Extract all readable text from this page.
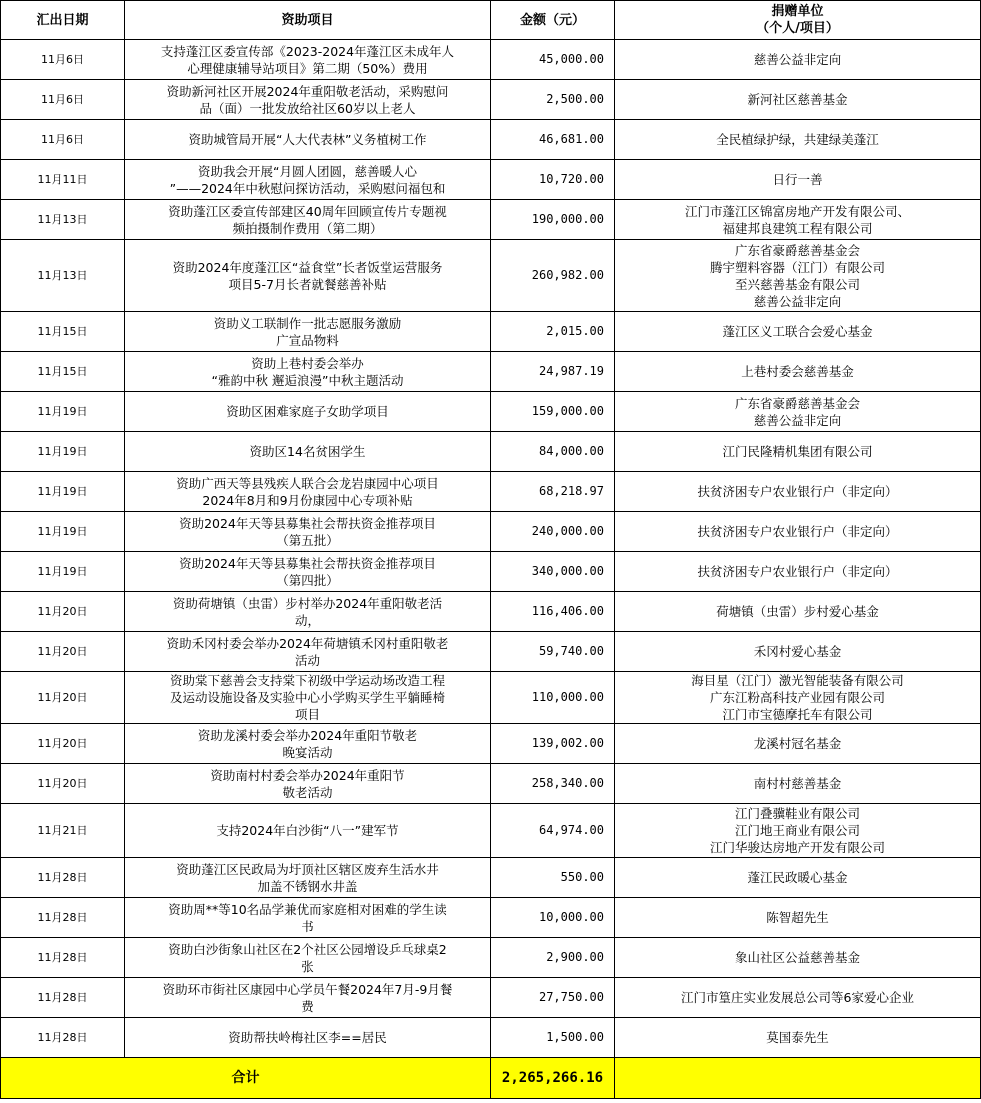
汇出日期	资助项目	金额（元）	捐赠单位
（个人/项目）

11月6日	支持蓬江区委宣传部《2023-2024年蓬江区未成年人
心理健康辅导站项目》第二期（50%）费用	45,000.00	慈善公益非定向

11月6日	资助新河社区开展2024年重阳敬老活动，采购慰问
品（面）一批发放给社区60岁以上老人	2,500.00	新河社区慈善基金

11月6日	资助城管局开展“人大代表林”义务植树工作	46,681.00	全民植绿护绿，共建绿美蓬江

11月11日	资助我会开展“月圆人团圆，慈善暖人心
”——2024年中秋慰问探访活动，采购慰问福包和	10,720.00	日行一善

11月13日	资助蓬江区委宣传部建区40周年回顾宣传片专题视
频拍摄制作费用（第二期）	190,000.00	江门市蓬江区锦富房地产开发有限公司、
福建邦良建筑工程有限公司

11月13日	资助2024年度蓬江区“益食堂”长者饭堂运营服务
项目5-7月长者就餐慈善补贴	260,982.00	广东省豪爵慈善基金会
腾宇塑料容器（江门）有限公司
至兴慈善基金有限公司
慈善公益非定向

11月15日	资助义工联制作一批志愿服务激励
广宣品物料	2,015.00	蓬江区义工联合会爱心基金

11月15日	资助上巷村委会举办
“雅韵中秋 邂逅浪漫”中秋主题活动	24,987.19	上巷村委会慈善基金

11月19日	资助区困难家庭子女助学项目	159,000.00	广东省豪爵慈善基金会
慈善公益非定向

11月19日	资助区14名贫困学生	84,000.00	江门民隆精机集团有限公司

11月19日	资助广西天等县残疾人联合会龙岩康园中心项目
2024年8月和9月份康园中心专项补贴	68,218.97	扶贫济困专户农业银行户（非定向）

11月19日	资助2024年天等县募集社会帮扶资金推荐项目
（第五批）	240,000.00	扶贫济困专户农业银行户（非定向）

11月19日	资助2024年天等县募集社会帮扶资金推荐项目
（第四批）	340,000.00	扶贫济困专户农业银行户（非定向）

11月20日	资助荷塘镇（虫雷）步村举办2024年重阳敬老活
动，	116,406.00	荷塘镇（虫雷）步村爱心基金

11月20日	资助禾冈村委会举办2024年荷塘镇禾冈村重阳敬老
活动	59,740.00	禾冈村爱心基金

11月20日	资助棠下慈善会支持棠下初级中学运动场改造工程
及运动设施设备及实验中心小学购买学生平躺睡椅
项目	110,000.00	海目星（江门）激光智能装备有限公司
广东江粉高科技产业园有限公司
江门市宝德摩托车有限公司

11月20日	资助龙溪村委会举办2024年重阳节敬老
晚宴活动	139,002.00	龙溪村冠名基金

11月20日	资助南村村委会举办2024年重阳节
敬老活动	258,340.00	南村村慈善基金

11月21日	支持2024年白沙街“八一”建军节	64,974.00	江门叠骥鞋业有限公司
江门地王商业有限公司
江门华骏达房地产开发有限公司

11月28日	资助蓬江区民政局为圩顶社区辖区废弃生活水井
加盖不锈钢水井盖	550.00	蓬江民政暖心基金

11月28日	资助周**等10名品学兼优而家庭相对困难的学生读
书	10,000.00	陈智超先生

11月28日	资助白沙街象山社区在2个社区公园增设乒乓球桌2
张	2,900.00	象山社区公益慈善基金

11月28日	资助环市街社区康园中心学员午餐2024年7月-9月餐
费	27,750.00	江门市篁庄实业发展总公司等6家爱心企业

11月28日	资助帮扶岭梅社区李==居民	1,500.00	莫国泰先生

合计		2,265,266.16	
